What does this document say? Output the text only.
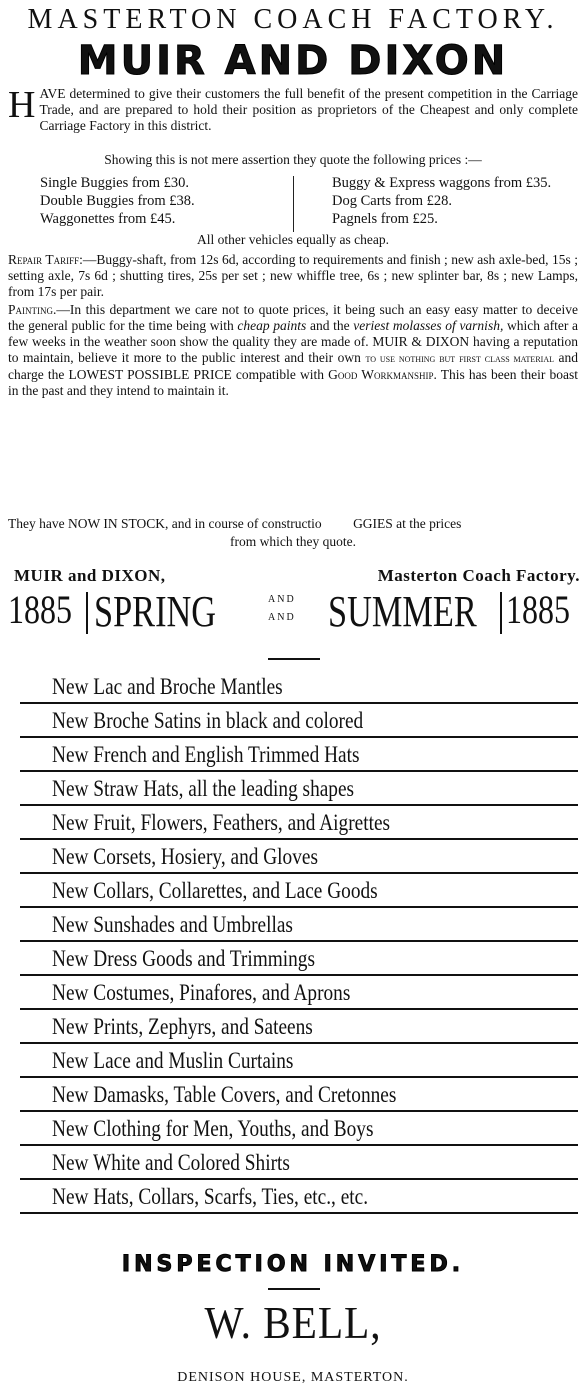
MASTERTON COACH FACTORY.
MUIR AND DIXON
H AVE determined to give their customers the full benefit of the present competition in the Carriage Trade, and are prepared to hold their position as proprietors of the Cheapest and only complete Carriage Factory in this district.
Showing this is not mere assertion they quote the following prices :—
Single Buggies from £30.
Double Buggies from £38.
Waggonettes from £45.
Buggy & Express waggons from £35.
Dog Carts from £28.
Pagnels from £25.
All other vehicles equally as cheap.
Repair Tariff:—Buggy-shaft, from 12s 6d, according to requirements and finish ; new ash axle-bed, 15s ; setting axle, 7s 6d ; shutting tires, 25s per set ; new whiffle tree, 6s ; new splinter bar, 8s ; new Lamps, from 17s per pair.
Painting.—In this department we care not to quote prices, it being such an easy easy matter to deceive the general public for the time being with cheap paints and the veriest molasses of varnish, which after a few weeks in the weather soon show the quality they are made of. MUIR & DIXON having a reputation to maintain, believe it more to the public interest and their own to use nothing but first class material and charge the LOWEST POSSIBLE PRICE compatible with Good Workmanship. This has been their boast in the past and they intend to maintain it.
They have NOW IN STOCK, and in course of constructio GGIES at the prices
from which they quote.
MUIR and DIXON,	Masterton Coach Factory.
1885 SPRING	AND
AND SUMMER 1885
New Lac and Broche Mantles
New Broche Satins in black and colored
New French and English Trimmed Hats
New Straw Hats, all the leading shapes
New Fruit, Flowers, Feathers, and Aigrettes
New Corsets, Hosiery, and Gloves
New Collars, Collarettes, and Lace Goods
New Sunshades and Umbrellas
New Dress Goods and Trimmings
New Costumes, Pinafores, and Aprons
New Prints, Zephyrs, and Sateens
New Lace and Muslin Curtains
New Damasks, Table Covers, and Cretonnes
New Clothing for Men, Youths, and Boys
New White and Colored Shirts
New Hats, Collars, Scarfs, Ties, etc., etc.
INSPECTION INVITED.
W. BELL,
DENISON HOUSE, MASTERTON.
